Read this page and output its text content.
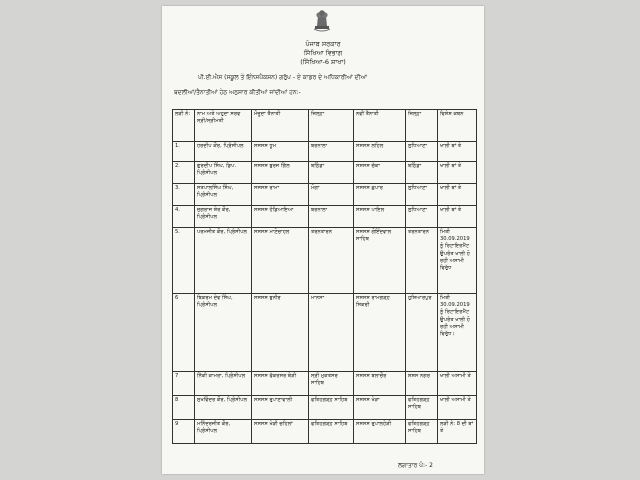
ਪੰਜਾਬ ਸਰਕਾਰ
ਸਿੱਖਿਆ ਵਿਭਾਗ
(ਸਿੱਖਿਆ-6 ਸ਼ਾਖਾ)
ਪੀ.ਈ.ਐਸ (ਸਕੂਲ ਤੇ ਇੰਨਸਪੈਕਸ਼ਨ) ਗਰੁੱਪ - ਏ ਕਾਡਰ ਦੇ ਅਧਿਕਾਰੀਆਂ ਦੀਆਂ
ਬਦਲੀਆਂ/ਤੈਨਾਤੀਆਂ ਹੇਠ ਅਨੁਸਾਰ ਕੀਤੀਆਂ ਜਾਂਦੀਆਂ ਹਨ:-
ਲੜੀ ਨੰ:	ਨਾਮ ਅਤੇ ਅਹੁਦਾ ਸਰਵ ਸ੍ਰੀ/ਸ੍ਰੀਮਤੀ	ਮੌਜੂਦਾ ਤੈਨਾਤੀ	ਜ਼ਿਲ੍ਹਾ	ਨਵੀਂ ਤੈਨਾਤੀ	ਜ਼ਿਲ੍ਹਾ	ਵਿਸ਼ੇਸ਼ ਕਥਨ
1.	ਹਰਦੀਪ ਕੌਰ, ਪ੍ਰਿੰਸੀਪਲ	ਸਸਸਸ ਧੂਮ	ਬਰਨਾਲਾ	ਸਸਸਸ ਲਹਿਲ	ਲੁਧਿਆਣਾ	ਖਾਲੀ ਥਾਂ ਤੇ
2.	ਗੁਰਦੀਪ ਸਿੰਘ, ਡਿਪ. ਪ੍ਰਿੰਸੀਪਲ	ਸਸਸਸ ਬੁਰਜ ਗਿੱਲ	ਬਠਿੰਡਾ	ਸਸਸਸ ਚੱਕਾ	ਬਠਿੰਡਾ	ਖਾਲੀ ਥਾਂ ਤੇ
3.	ਸਤਪਾਲਸਿੰਘ ਸਿੰਘ, ਪ੍ਰਿੰਸੀਪਲ	ਸਸਸਸ ਰਾਮਾ	ਮੋਗਾ	ਸਸਸਸ ਛਪਾਰ	ਲੁਧਿਆਣਾ	ਖਾਲੀ ਥਾਂ ਤੇ
4.	ਜੁਗਰਾਜ ਸ਼ੇਰ ਕੌਰ, ਪ੍ਰਿੰਸੀਪਲ	ਸਸਸਸ ਹੰਡਿਆਇਆ	ਬਰਨਾਲਾ	ਸਸਸਸ ਪਾਇਲ	ਲੁਧਿਆਣਾ	ਖਾਲੀ ਥਾਂ ਤੇ
5.	ਪਰਮਜੀਤ ਕੌਰ, ਪ੍ਰਿੰਸੀਪਲ	ਸਸਸਸ ਮਾਣੋਚਾਹਲ	ਤਰਨਤਾਰਨ	ਸਸਸਸ ਗੋਇੰਦਵਾਲ ਸਾਹਿਬ	ਤਰਨਤਾਰਨ	ਮਿਤੀ 30.09.2019 ਨੂੰ ਰਿਟਾਇਰਮੈਂਟ ਉਪਰੰਤ ਖਾਲੀ ਹੋ ਰਹੀ ਅਸਾਮੀ ਵਿਰੁੱਧ
6	ਬਿਕਰਮ ਦੇਵ ਸਿੰਘ, ਪ੍ਰਿੰਸੀਪਲ	ਸਸਸਸ ਝੁਨੀਰ	ਮਾਨਸਾ	ਸਸਸਸ ਰਾਮਗੜ੍ਹ ਸਿਕਰੀ	ਹੁਸ਼ਿਆਰਪੁਰ	ਮਿਤੀ 30.09.2019 ਨੂੰ ਰਿਟਾਇਰਮੈਂਟ ਉਪਰੰਤ ਖਾਲੀ ਹੋ ਰਹੀ ਅਸਾਮੀ ਵਿਰੁੱਧ।
7	ਨਿੱਕੀ ਕਾਮਰਾ, ਪ੍ਰਿੰਸੀਪਲ	ਸਸਸਸ ਫੱਕਰਸਰ ਥੇੜੀ	ਸ੍ਰੀ ਮੁਕਤਸਰ ਸਾਹਿਬ	ਸਸਸਸ ਬਲਾਚੌਰ	ਸ਼ਸ਼ਸ ਨਗਰ	ਖਾਲੀ ਅਸਾਮੀ ਤੇ
8	ਸੁਖਵਿੰਦਰ ਕੌਰ, ਪ੍ਰਿੰਸੀਪਲ	ਸਸਸਸ ਰੁਪਾਣਾਵਾਲੀ	ਫਤਿਹਗੜ੍ਹ ਸਾਹਿਬ	ਸਸਸਸ ਖੇੜਾ	ਫਤਿਹਗੜ੍ਹ ਸਾਹਿਬ	ਖਾਲੀ ਅਸਾਮੀ ਤੇ
9	ਮਨਿੰਦਰਜੀਤ ਕੌਰ, ਪ੍ਰਿੰਸੀਪਲ	ਸਸਸਸ ਖੇੜੀ ਚਹਿਲਾਂ	ਫਤਿਹਗੜ੍ਹ ਸਾਹਿਬ	ਸਸਸਸ ਰੁਪਾਲਹੇੜੀ	ਫਤਿਹਗੜ੍ਹ ਸਾਹਿਬ	ਲੜੀ ਨੰ: 8 ਦੀ ਥਾਂ ਤੇ
ਲਗਾਤਾਰ ਪੰ:- 2
